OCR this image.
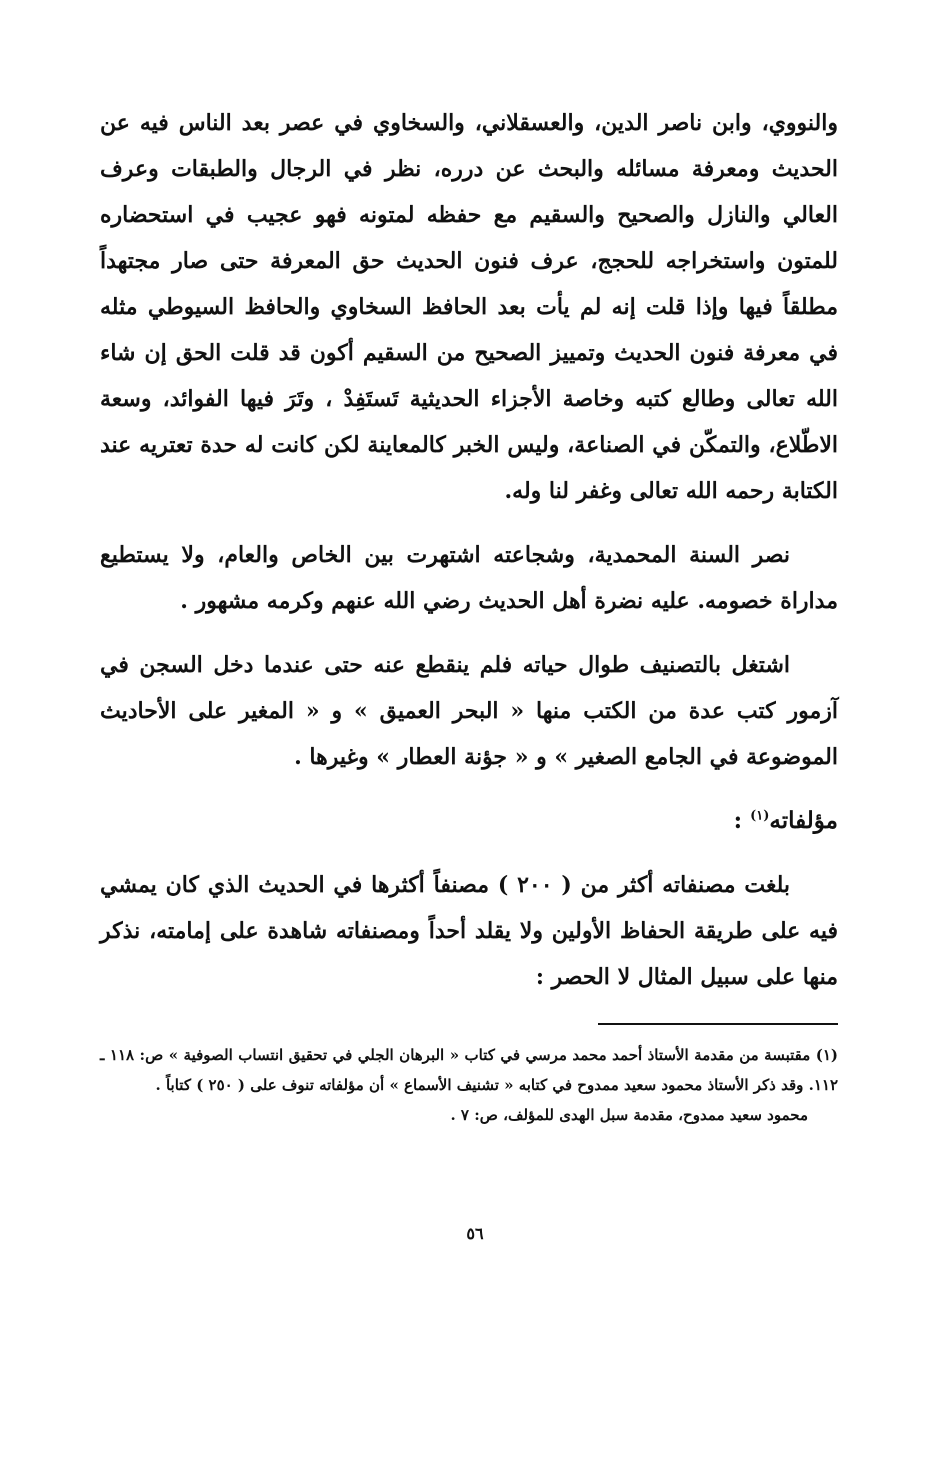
والنووي، وابن ناصر الدين، والعسقلاني، والسخاوي في عصر بعد الناس فيه عن الحديث ومعرفة مسائله والبحث عن درره، نظر في الرجال والطبقات وعرف العالي والنازل والصحيح والسقيم مع حفظه لمتونه فهو عجيب في استحضاره للمتون واستخراجه للحجج، عرف فنون الحديث حق المعرفة حتى صار مجتهداً مطلقاً فيها وإذا قلت إنه لم يأت بعد الحافظ السخاوي والحافظ السيوطي مثله في معرفة فنون الحديث وتمييز الصحيح من السقيم أكون قد قلت الحق إن شاء الله تعالى وطالع كتبه وخاصة الأجزاء الحديثية تَستَفِدْ ، وتَرَ فيها الفوائد، وسعة الاطّلاع، والتمكّن في الصناعة، وليس الخبر كالمعاينة لكن كانت له حدة تعتريه عند الكتابة رحمه الله تعالى وغفر لنا وله.

نصر السنة المحمدية، وشجاعته اشتهرت بين الخاص والعام، ولا يستطيع مداراة خصومه. عليه نضرة أهل الحديث رضي الله عنهم وكرمه مشهور .

اشتغل بالتصنيف طوال حياته فلم ينقطع عنه حتى عندما دخل السجن في آزمور كتب عدة من الكتب منها « البحر العميق » و « المغير على الأحاديث الموضوعة في الجامع الصغير » و « جؤنة العطار » وغيرها .

مؤلفاته$^{(١)}$ :

بلغت مصنفاته أكثر من ( ٢٠٠ ) مصنفاً أكثرها في الحديث الذي كان يمشي فيه على طريقة الحفاظ الأولين ولا يقلد أحداً ومصنفاته شاهدة على إمامته، نذكر منها على سبيل المثال لا الحصر :

(١) مقتبسة من مقدمة الأستاذ أحمد محمد مرسي في كتاب « البرهان الجلي في تحقيق انتساب الصوفية » ص: ١١٨ ـ ١١٢. وقد ذكر الأستاذ محمود سعيد ممدوح في كتابه « تشنيف الأسماع » أن مؤلفاته تنوف على ( ٢٥٠ ) كتاباً .

محمود سعيد ممدوح، مقدمة سبل الهدى للمؤلف، ص: ٧ .

٥٦
